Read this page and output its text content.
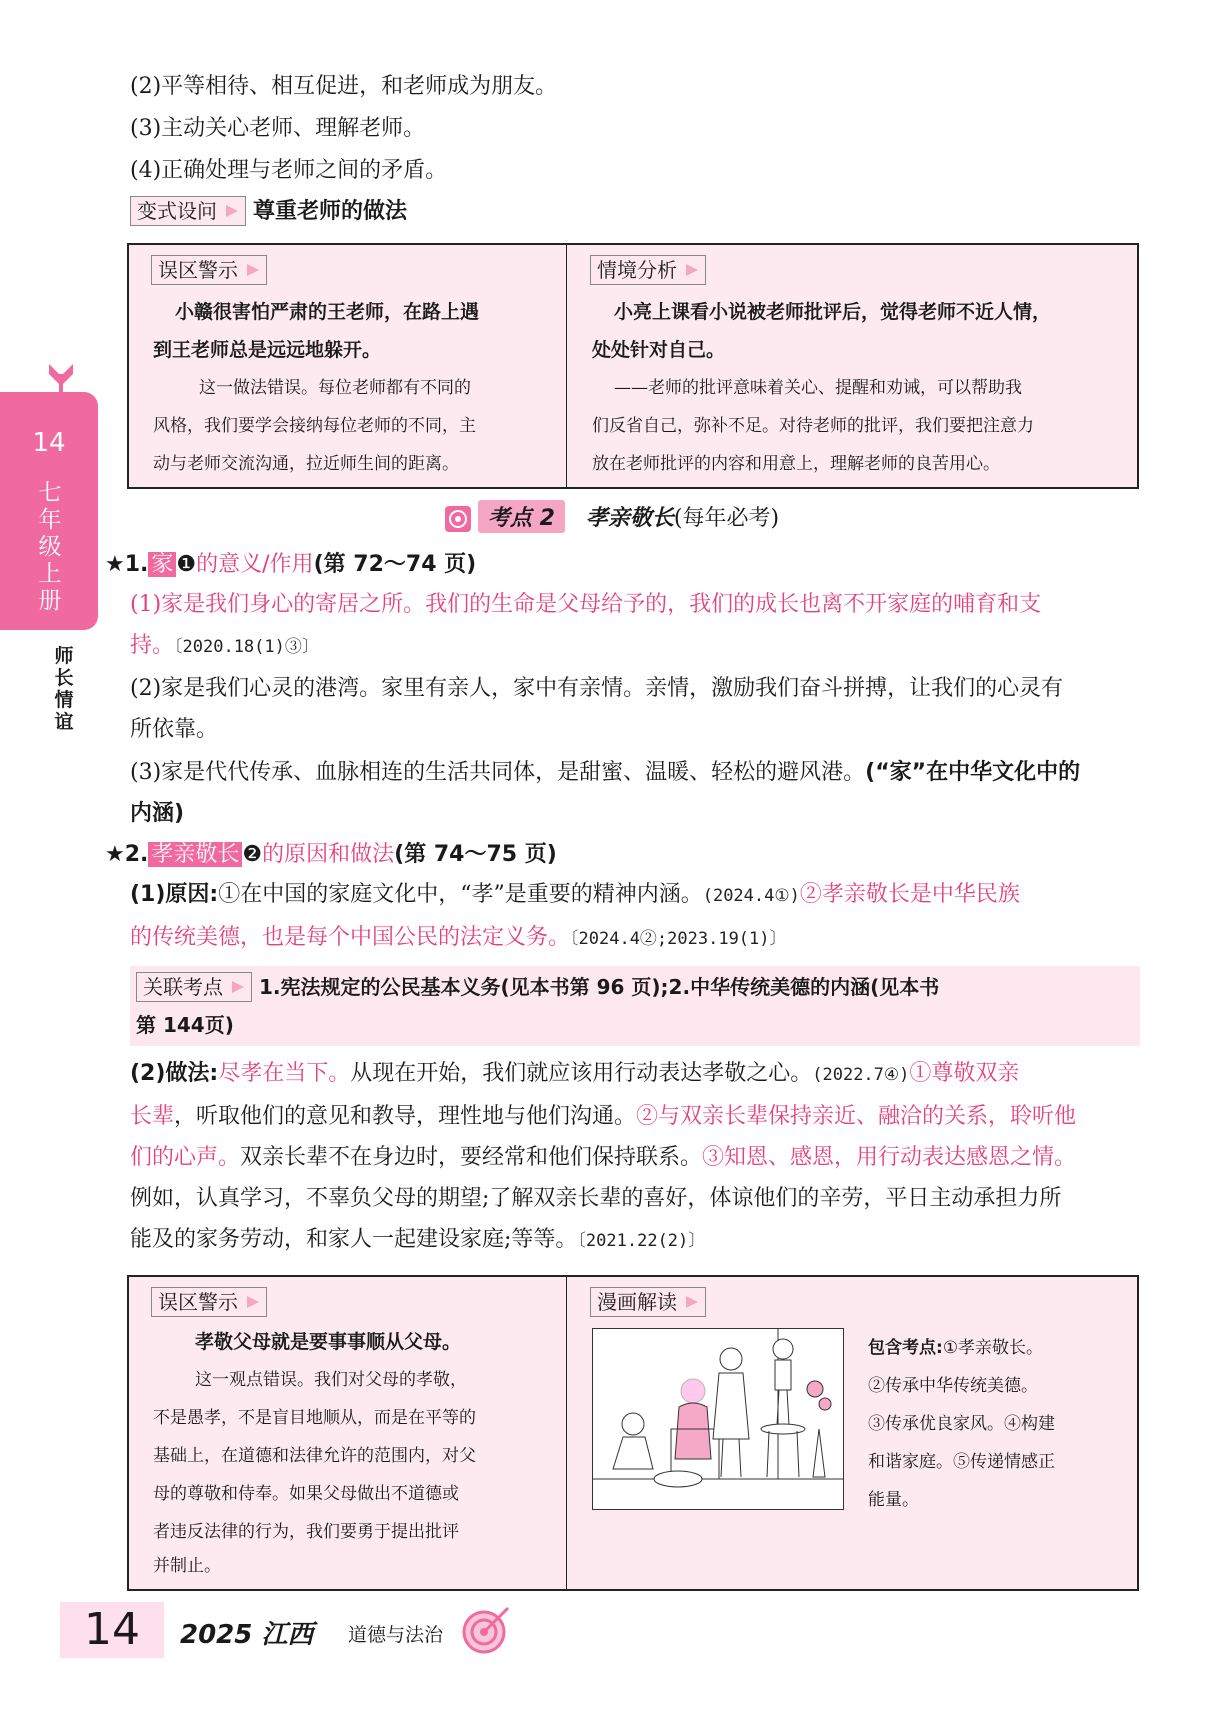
14
七年级上册
师长情谊
(2)平等相待、相互促进，和老师成为朋友。
(3)主动关心老师、理解老师。
(4)正确处理与老师之间的矛盾。
变式设问 尊重老师的做法
误区警示
小赣很害怕严肃的王老师，在路上遇
到王老师总是远远地躲开。
这一做法错误。每位老师都有不同的
风格，我们要学会接纳每位老师的不同，主
动与老师交流沟通，拉近师生间的距离。
情境分析
小亮上课看小说被老师批评后，觉得老师不近人情，
处处针对自己。
——老师的批评意味着关心、提醒和劝诫，可以帮助我
们反省自己，弥补不足。对待老师的批评，我们要把注意力
放在老师批评的内容和用意上，理解老师的良苦用心。
考点 2 孝亲敬长(每年必考)
★1. 家 ❶的意义/作用(第 72～74 页)
(1)家是我们身心的寄居之所。我们的生命是父母给予的，我们的成长也离不开家庭的哺育和支
持。〔2020.18(1)③〕
(2)家是我们心灵的港湾。家里有亲人，家中有亲情。亲情，激励我们奋斗拼搏，让我们的心灵有
所依靠。
(3)家是代代传承、血脉相连的生活共同体，是甜蜜、温暖、轻松的避风港。(“家”在中华文化中的
内涵)
★2. 孝亲敬长 ❷的原因和做法(第 74～75 页)
(1)原因:①在中国的家庭文化中，“孝”是重要的精神内涵。(2024.4①)②孝亲敬长是中华民族
的传统美德，也是每个中国公民的法定义务。〔2024.4②;2023.19(1)〕
关联考点 1.宪法规定的公民基本义务(见本书第 96 页);2.中华传统美德的内涵(见本书
第 144页)
(2)做法:尽孝在当下。从现在开始，我们就应该用行动表达孝敬之心。(2022.7④)①尊敬双亲
长辈，听取他们的意见和教导，理性地与他们沟通。②与双亲长辈保持亲近、融洽的关系，聆听他
们的心声。双亲长辈不在身边时，要经常和他们保持联系。③知恩、感恩，用行动表达感恩之情。
例如，认真学习，不辜负父母的期望;了解双亲长辈的喜好，体谅他们的辛劳，平日主动承担力所
能及的家务劳动，和家人一起建设家庭;等等。〔2021.22(2)〕
误区警示
孝敬父母就是要事事顺从父母。
这一观点错误。我们对父母的孝敬，
不是愚孝，不是盲目地顺从，而是在平等的
基础上，在道德和法律允许的范围内，对父
母的尊敬和侍奉。如果父母做出不道德或
者违反法律的行为，我们要勇于提出批评
并制止。
漫画解读
包含考点:①孝亲敬长。
②传承中华传统美德。
③传承优良家风。④构建
和谐家庭。⑤传递情感正
能量。
14	2025 江西 道德与法治
